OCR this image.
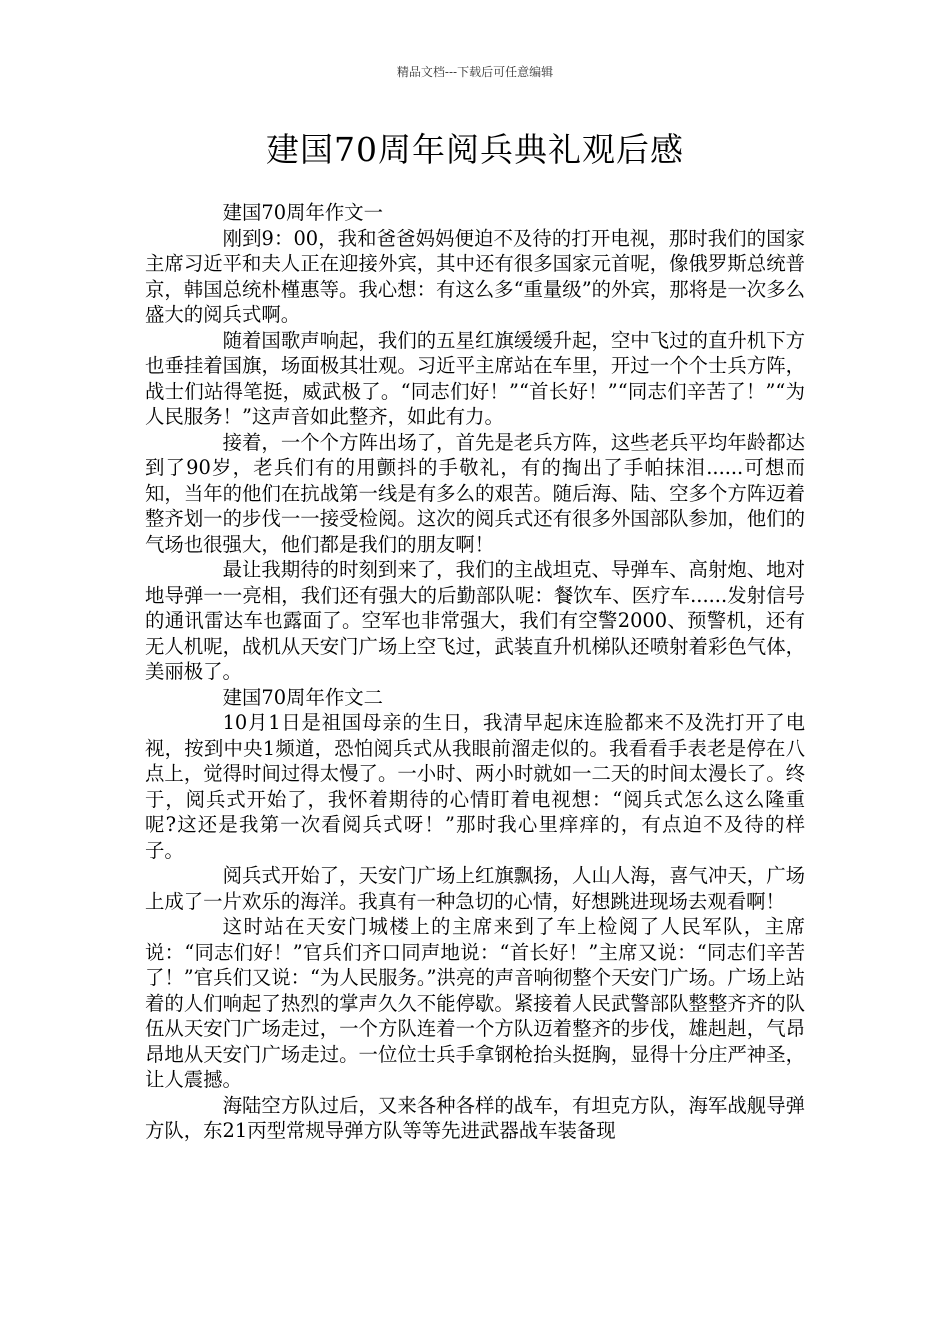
精品文档---下载后可任意编辑
建国70周年阅兵典礼观后感

建国70周年作文一

刚到9：00，我和爸爸妈妈便迫不及待的打开电视，那时我们的国家主席习近平和夫人正在迎接外宾，其中还有很多国家元首呢，像俄罗斯总统普京，韩国总统朴槿惠等。我心想：有这么多“重量级”的外宾，那将是一次多么盛大的阅兵式啊。

随着国歌声响起，我们的五星红旗缓缓升起，空中飞过的直升机下方也垂挂着国旗，场面极其壮观。习近平主席站在车里，开过一个个士兵方阵，战士们站得笔挺，威武极了。“同志们好！”“首长好！”“同志们辛苦了！”“为人民服务！”这声音如此整齐，如此有力。

接着，一个个方阵出场了，首先是老兵方阵，这些老兵平均年龄都达到了90岁，老兵们有的用颤抖的手敬礼，有的掏出了手帕抹泪......可想而知，当年的他们在抗战第一线是有多么的艰苦。随后海、陆、空多个方阵迈着整齐划一的步伐一一接受检阅。这次的阅兵式还有很多外国部队参加，他们的气场也很强大，他们都是我们的朋友啊！

最让我期待的时刻到来了，我们的主战坦克、导弹车、高射炮、地对地导弹一一亮相，我们还有强大的后勤部队呢：餐饮车、医疗车......发射信号的通讯雷达车也露面了。空军也非常强大，我们有空警2000、预警机，还有无人机呢，战机从天安门广场上空飞过，武装直升机梯队还喷射着彩色气体，美丽极了。

建国70周年作文二

10月1日是祖国母亲的生日，我清早起床连脸都来不及洗打开了电视，按到中央1频道，恐怕阅兵式从我眼前溜走似的。我看看手表老是停在八点上，觉得时间过得太慢了。一小时、两小时就如一二天的时间太漫长了。终于，阅兵式开始了，我怀着期待的心情盯着电视想：“阅兵式怎么这么隆重呢?这还是我第一次看阅兵式呀！”那时我心里痒痒的，有点迫不及待的样子。

阅兵式开始了，天安门广场上红旗飘扬，人山人海，喜气冲天，广场上成了一片欢乐的海洋。我真有一种急切的心情，好想跳进现场去观看啊！

这时站在天安门城楼上的主席来到了车上检阅了人民军队，主席说：“同志们好！”官兵们齐口同声地说：“首长好！”主席又说：“同志们辛苦了！”官兵们又说：“为人民服务。”洪亮的声音响彻整个天安门广场。广场上站着的人们响起了热烈的掌声久久不能停歇。紧接着人民武警部队整整齐齐的队伍从天安门广场走过，一个方队连着一个方队迈着整齐的步伐，雄赳赳，气昂昂地从天安门广场走过。一位位士兵手拿钢枪抬头挺胸，显得十分庄严神圣，让人震撼。

海陆空方队过后，又来各种各样的战车，有坦克方队，海军战舰导弹方队，东21丙型常规导弹方队等等先进武器战车装备现
